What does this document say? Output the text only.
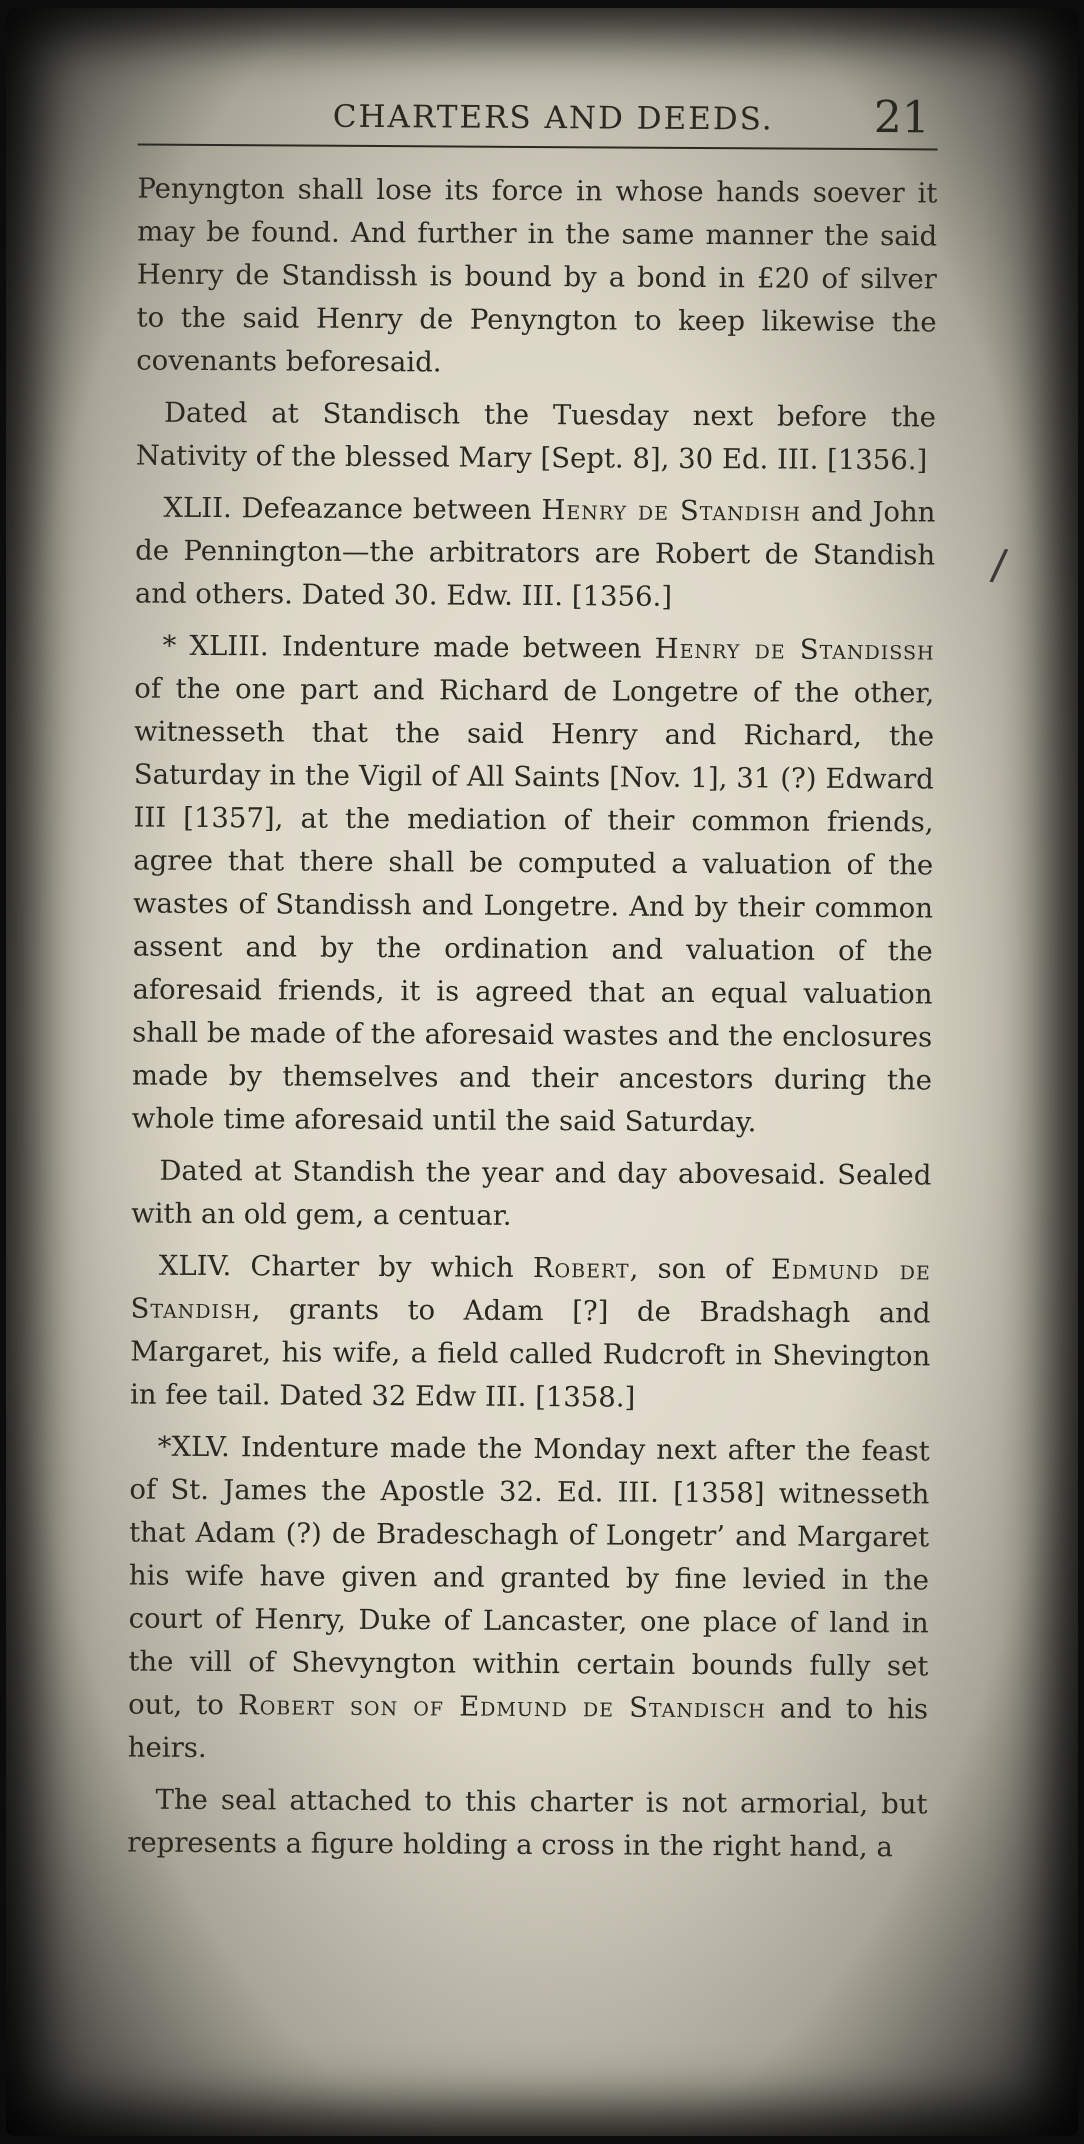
CHARTERS AND DEEDS. 21

Penyngton shall lose its force in whose hands soever it may be found. And further in the same manner the said Henry de Standissh is bound by a bond in £20 of silver to the said Henry de Penyngton to keep likewise the covenants beforesaid.

Dated at Standisch the Tuesday next before the Nativity of the blessed Mary [Sept. 8], 30 Ed. III. [1356.]

XLII. Defeazance between Henry de Standish and John de Pennington—the arbitrators are Robert de Standish and others. Dated 30. Edw. III. [1356.]

* XLIII. Indenture made between Henry de Standissh of the one part and Richard de Longetre of the other, witnesseth that the said Henry and Richard, the Saturday in the Vigil of All Saints [Nov. 1], 31 (?) Edward III [1357], at the mediation of their common friends, agree that there shall be computed a valuation of the wastes of Standissh and Longetre. And by their common assent and by the ordination and valuation of the aforesaid friends, it is agreed that an equal valuation shall be made of the aforesaid wastes and the enclosures made by themselves and their ancestors during the whole time aforesaid until the said Saturday.

Dated at Standish the year and day abovesaid. Sealed with an old gem, a centuar.

XLIV. Charter by which Robert, son of Edmund de Standish, grants to Adam [?] de Bradshagh and Margaret, his wife, a field called Rudcroft in Shevington in fee tail. Dated 32 Edw III. [1358.]

*XLV. Indenture made the Monday next after the feast of St. James the Apostle 32. Ed. III. [1358] witnesseth that Adam (?) de Bradeschagh of Longetr’ and Margaret his wife have given and granted by fine levied in the court of Henry, Duke of Lancaster, one place of land in the vill of Shevyngton within certain bounds fully set out, to Robert son of Edmund de Standisch and to his heirs.

The seal attached to this charter is not armorial, but represents a figure holding a cross in the right hand, a

/
